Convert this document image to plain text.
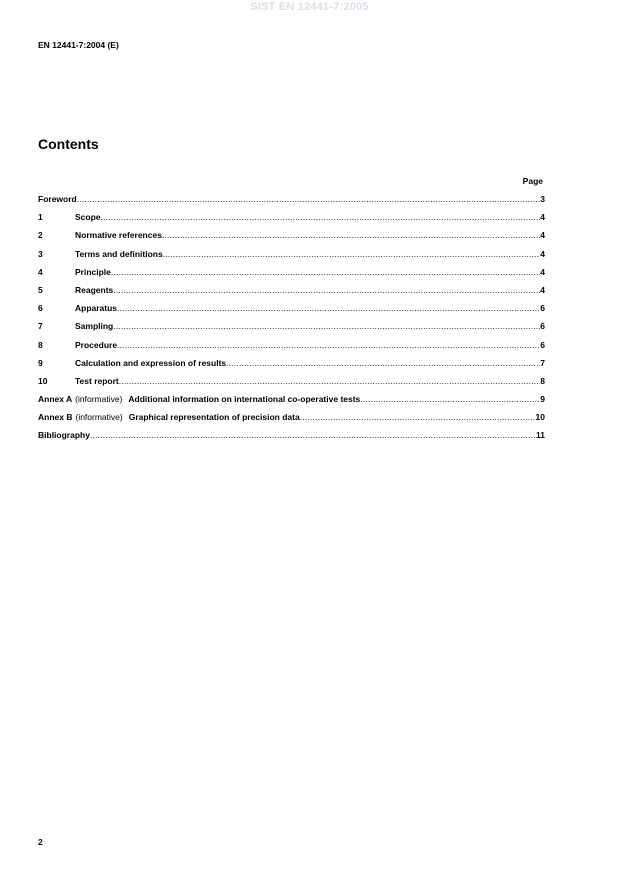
SIST EN 12441-7:2005
EN 12441-7:2004 (E)
Contents
Page
Foreword .....	3
1	Scope .....	4
2	Normative references .....	4
3	Terms and definitions .....	4
4	Principle .....	4
5	Reagents .....	4
6	Apparatus .....	6
7	Sampling .....	6
8	Procedure .....	6
9	Calculation and expression of results .....	7
10	Test report .....	8
Annex A (informative) Additional information on international co-operative tests .....	9
Annex B (informative) Graphical representation of precision data .....	10
Bibliography .....	11
2
